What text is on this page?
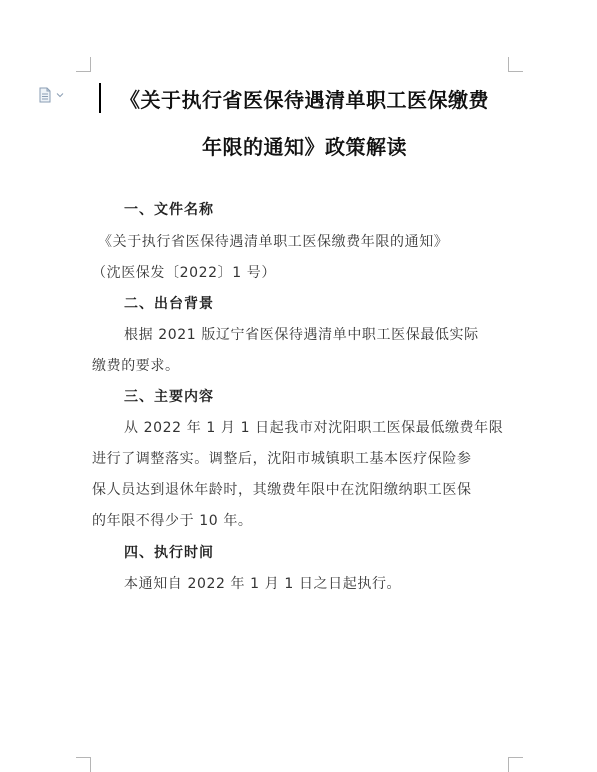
《关于执行省医保待遇清单职工医保缴费
年限的通知》政策解读
一、文件名称
《关于执行省医保待遇清单职工医保缴费年限的通知》
（沈医保发〔2022〕1 号）
二、出台背景
根据 2021 版辽宁省医保待遇清单中职工医保最低实际
缴费的要求。
三、主要内容
从 2022 年 1 月 1 日起我市对沈阳职工医保最低缴费年限
进行了调整落实。调整后，沈阳市城镇职工基本医疗保险参
保人员达到退休年龄时，其缴费年限中在沈阳缴纳职工医保
的年限不得少于 10 年。
四、执行时间
本通知自 2022 年 1 月 1 日之日起执行。
